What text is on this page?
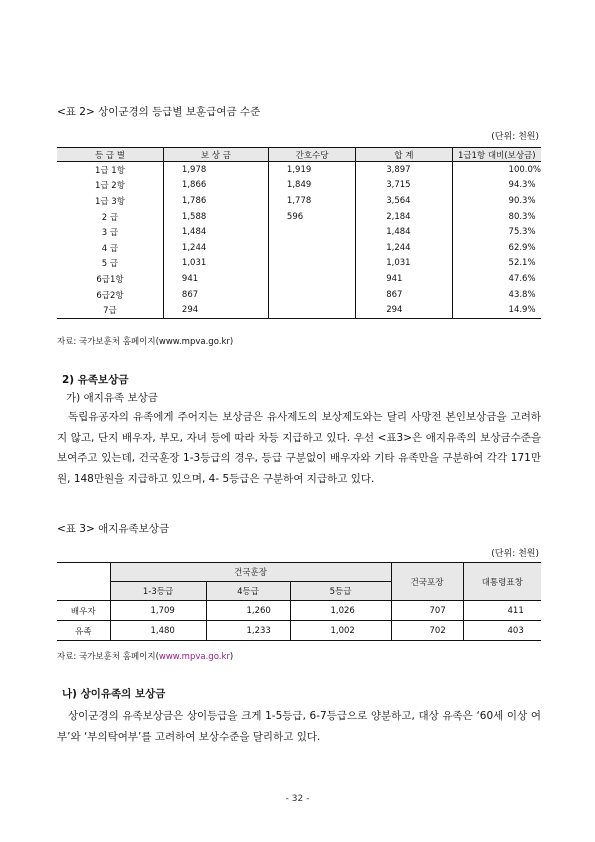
<표 2> 상이군경의 등급별 보훈급여금 수준
(단위: 천원)
등 급 별	보 상 금	간호수당	합 계	1급1항 대비(보상금)
1급 1항	1,978	1,919	3,897	100.0%
1급 2항	1,866	1,849	3,715	94.3%
1급 3항	1,786	1,778	3,564	90.3%
2 급	1,588	596	2,184	80.3%
3 급	1,484		1,484	75.3%
4 급	1,244		1,244	62.9%
5 급	1,031		1,031	52.1%
6급1항	941		941	47.6%
6급2항	867		867	43.8%
7급	294		294	14.9%
자료: 국가보훈처 홈페이지(www.mpva.go.kr)
2) 유족보상금
가) 애지유족 보상금
독립유공자의 유족에게 주어지는 보상금은 유사제도의 보상제도와는 달리 사망전 본인보상금을 고려하지 않고, 단지 배우자, 부모, 자녀 등에 따라 차등 지급하고 있다. 우선 <표3>은 애지유족의 보상금수준을 보여주고 있는데, 건국훈장 1-3등급의 경우, 등급 구분없이 배우자와 기타 유족만을 구분하여 각각 171만원, 148만원을 지급하고 있으며, 4- 5등급은 구분하여 지급하고 있다.
<표 3> 애지유족보상금
(단위: 천원)
	건국훈장			건국포장	대통령표창
	1-3등급	4등급	5등급		
배우자	1,709	1,260	1,026	707	411
유족	1,480	1,233	1,002	702	403
자료: 국가보훈처 홈페이지(www.mpva.go.kr)
나) 상이유족의 보상금
상이군경의 유족보상금은 상이등급을 크게 1-5등급, 6-7등급으로 양분하고, 대상 유족은 ‘60세 이상 여부’와 ‘부의탁여부’를 고려하여 보상수준을 달리하고 있다.
- 32 -
